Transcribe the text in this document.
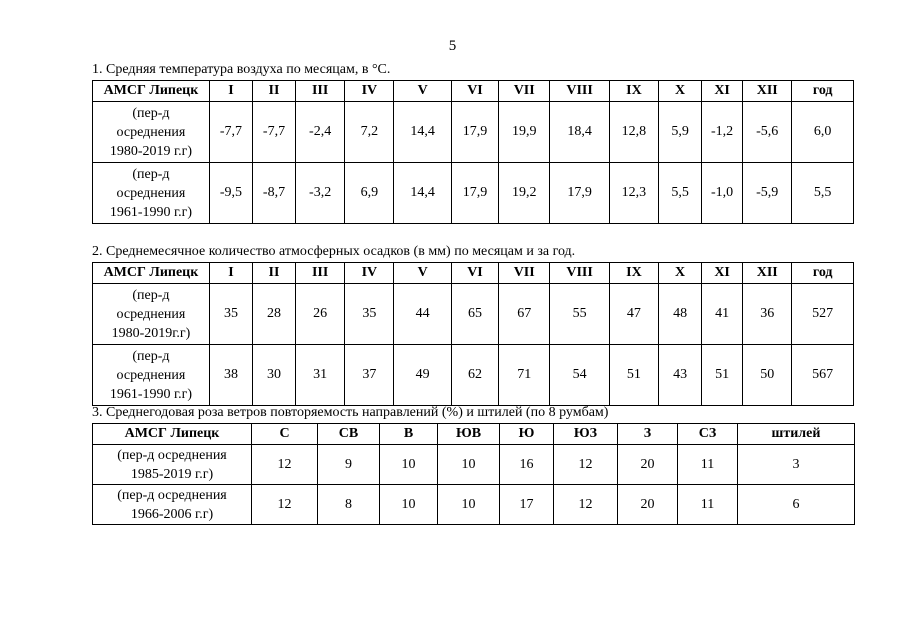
5
1. Средняя температура воздуха по месяцам, в °С.
АМСГ Липецк	I	II	III	IV	V	VI	VII	VIII	IX	X	XI	XII	год

(пер-д
осреднения
1980-2019 г.г)	-7,7	-7,7	-2,4	7,2	14,4	17,9	19,9	18,4	12,8	5,9	-1,2	-5,6	6,0

(пер-д
осреднения
1961-1990 г.г)	-9,5	-8,7	-3,2	6,9	14,4	17,9	19,2	17,9	12,3	5,5	-1,0	-5,9	5,5
2. Среднемесячное количество атмосферных осадков (в мм) по месяцам и за год.
АМСГ Липецк	I	II	III	IV	V	VI	VII	VIII	IX	X	XI	XII	год

(пер-д
осреднения
1980-2019г.г)	35	28	26	35	44	65	67	55	47	48	41	36	527

(пер-д
осреднения
1961-1990 г.г)	38	30	31	37	49	62	71	54	51	43	51	50	567
3. Среднегодовая роза ветров повторяемость направлений (%) и штилей (по 8 румбам)
АМСГ Липецк	С	СВ	В	ЮВ	Ю	ЮЗ	З	СЗ	штилей

(пер-д осреднения
1985-2019 г.г)	12	9	10	10	16	12	20	11	3

(пер-д осреднения
1966-2006 г.г)	12	8	10	10	17	12	20	11	6
